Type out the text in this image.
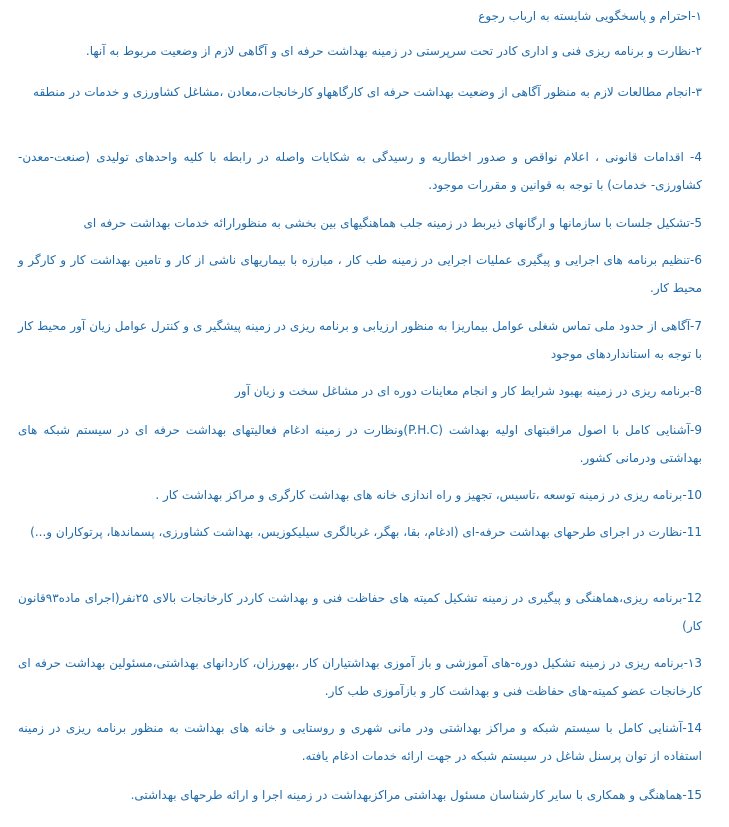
۱-احترام و پاسخگویی شایسته به ارباب رجوع

۲-نظارت و برنامه ریزی فنی و اداری کادر تحت سرپرستی در زمینه بهداشت حرفه ای و آگاهی لازم از وضعیت مربوط به آنها.

۳-انجام مطالعات لازم به منظور آگاهی از وضعیت بهداشت حرفه ای کارگاههاو کارخانجات،معادن ،مشاغل کشاورزی و خدمات در منطقه

4- اقدامات قانونی ، اعلام نواقص و صدور اخطاریه و رسیدگی به شکایات واصله در رابطه با کلیه واحدهای تولیدی (صنعت-معدن-کشاورزی- خدمات) با توجه به قوانین و مقررات موجود.

5-تشکیل جلسات با سازمانها و ارگانهای ذیربط در زمینه جلب هماهنگیهای بین بخشی به منظورارائه خدمات بهداشت حرفه ای

6-تنظیم برنامه های اجرایی و پیگیری عملیات اجرایی در زمینه طب کار ، مبارزه با بیماریهای ناشی از کار و تامین بهداشت کار و کارگر و محیط کار.

7-آگاهی از حدود ملی تماس شغلی عوامل بیماریزا به منظور ارزیابی و برنامه ریزی در زمینه پیشگیر ی و کنترل عوامل زیان آور محیط کار با توجه به استانداردهای موجود

8-برنامه ریزی در زمینه بهبود شرایط کار و انجام معاینات دوره ای در مشاغل سخت و زیان آور

9-آشنایی کامل با اصول مراقبتهای اولیه بهداشت (P.H.C)ونظارت در زمینه ادغام فعالیتهای بهداشت حرفه ای در سیستم شبکه های بهداشتی ودرمانی کشور.

10-برنامه ریزی در زمینه توسعه ،تاسیس، تجهیز و راه اندازی خانه های بهداشت کارگری و مراکز بهداشت کار .

11-نظارت در اجرای طرحهای بهداشت حرفه-ای (ادغام، بقا، بهگر، غربالگری سیلیکوزیس، بهداشت کشاورزی، پسماندها، پرتوکاران و...)

12-برنامه ریزی،هماهنگی و پیگیری در زمینه تشکیل کمیته های حفاظت فنی و بهداشت کاردر کارخانجات بالای ۲۵نفر(اجرای ماده۹۳قانون کار)

۱3-برنامه ریزی در زمینه تشکیل دوره-های آموزشی و باز آموزی بهداشتیاران کار ،بهورزان، کاردانهای بهداشتی،مسئولین بهداشت حرفه ای کارخانجات عضو کمیته-های حفاظت فنی و بهداشت کار و بازآموزی طب کار.

14-آشنایی کامل با سیستم شبکه و مراکز بهداشتی ودر مانی شهری و روستایی و خانه های بهداشت به منظور برنامه ریزی در زمینه استفاده از توان پرسنل شاغل در سیستم شبکه در جهت ارائه خدمات ادغام یافته.

15-هماهنگی و همکاری با سایر کارشناسان مسئول بهداشتی مراکزبهداشت در زمینه اجرا و ارائه طرحهای بهداشتی.
